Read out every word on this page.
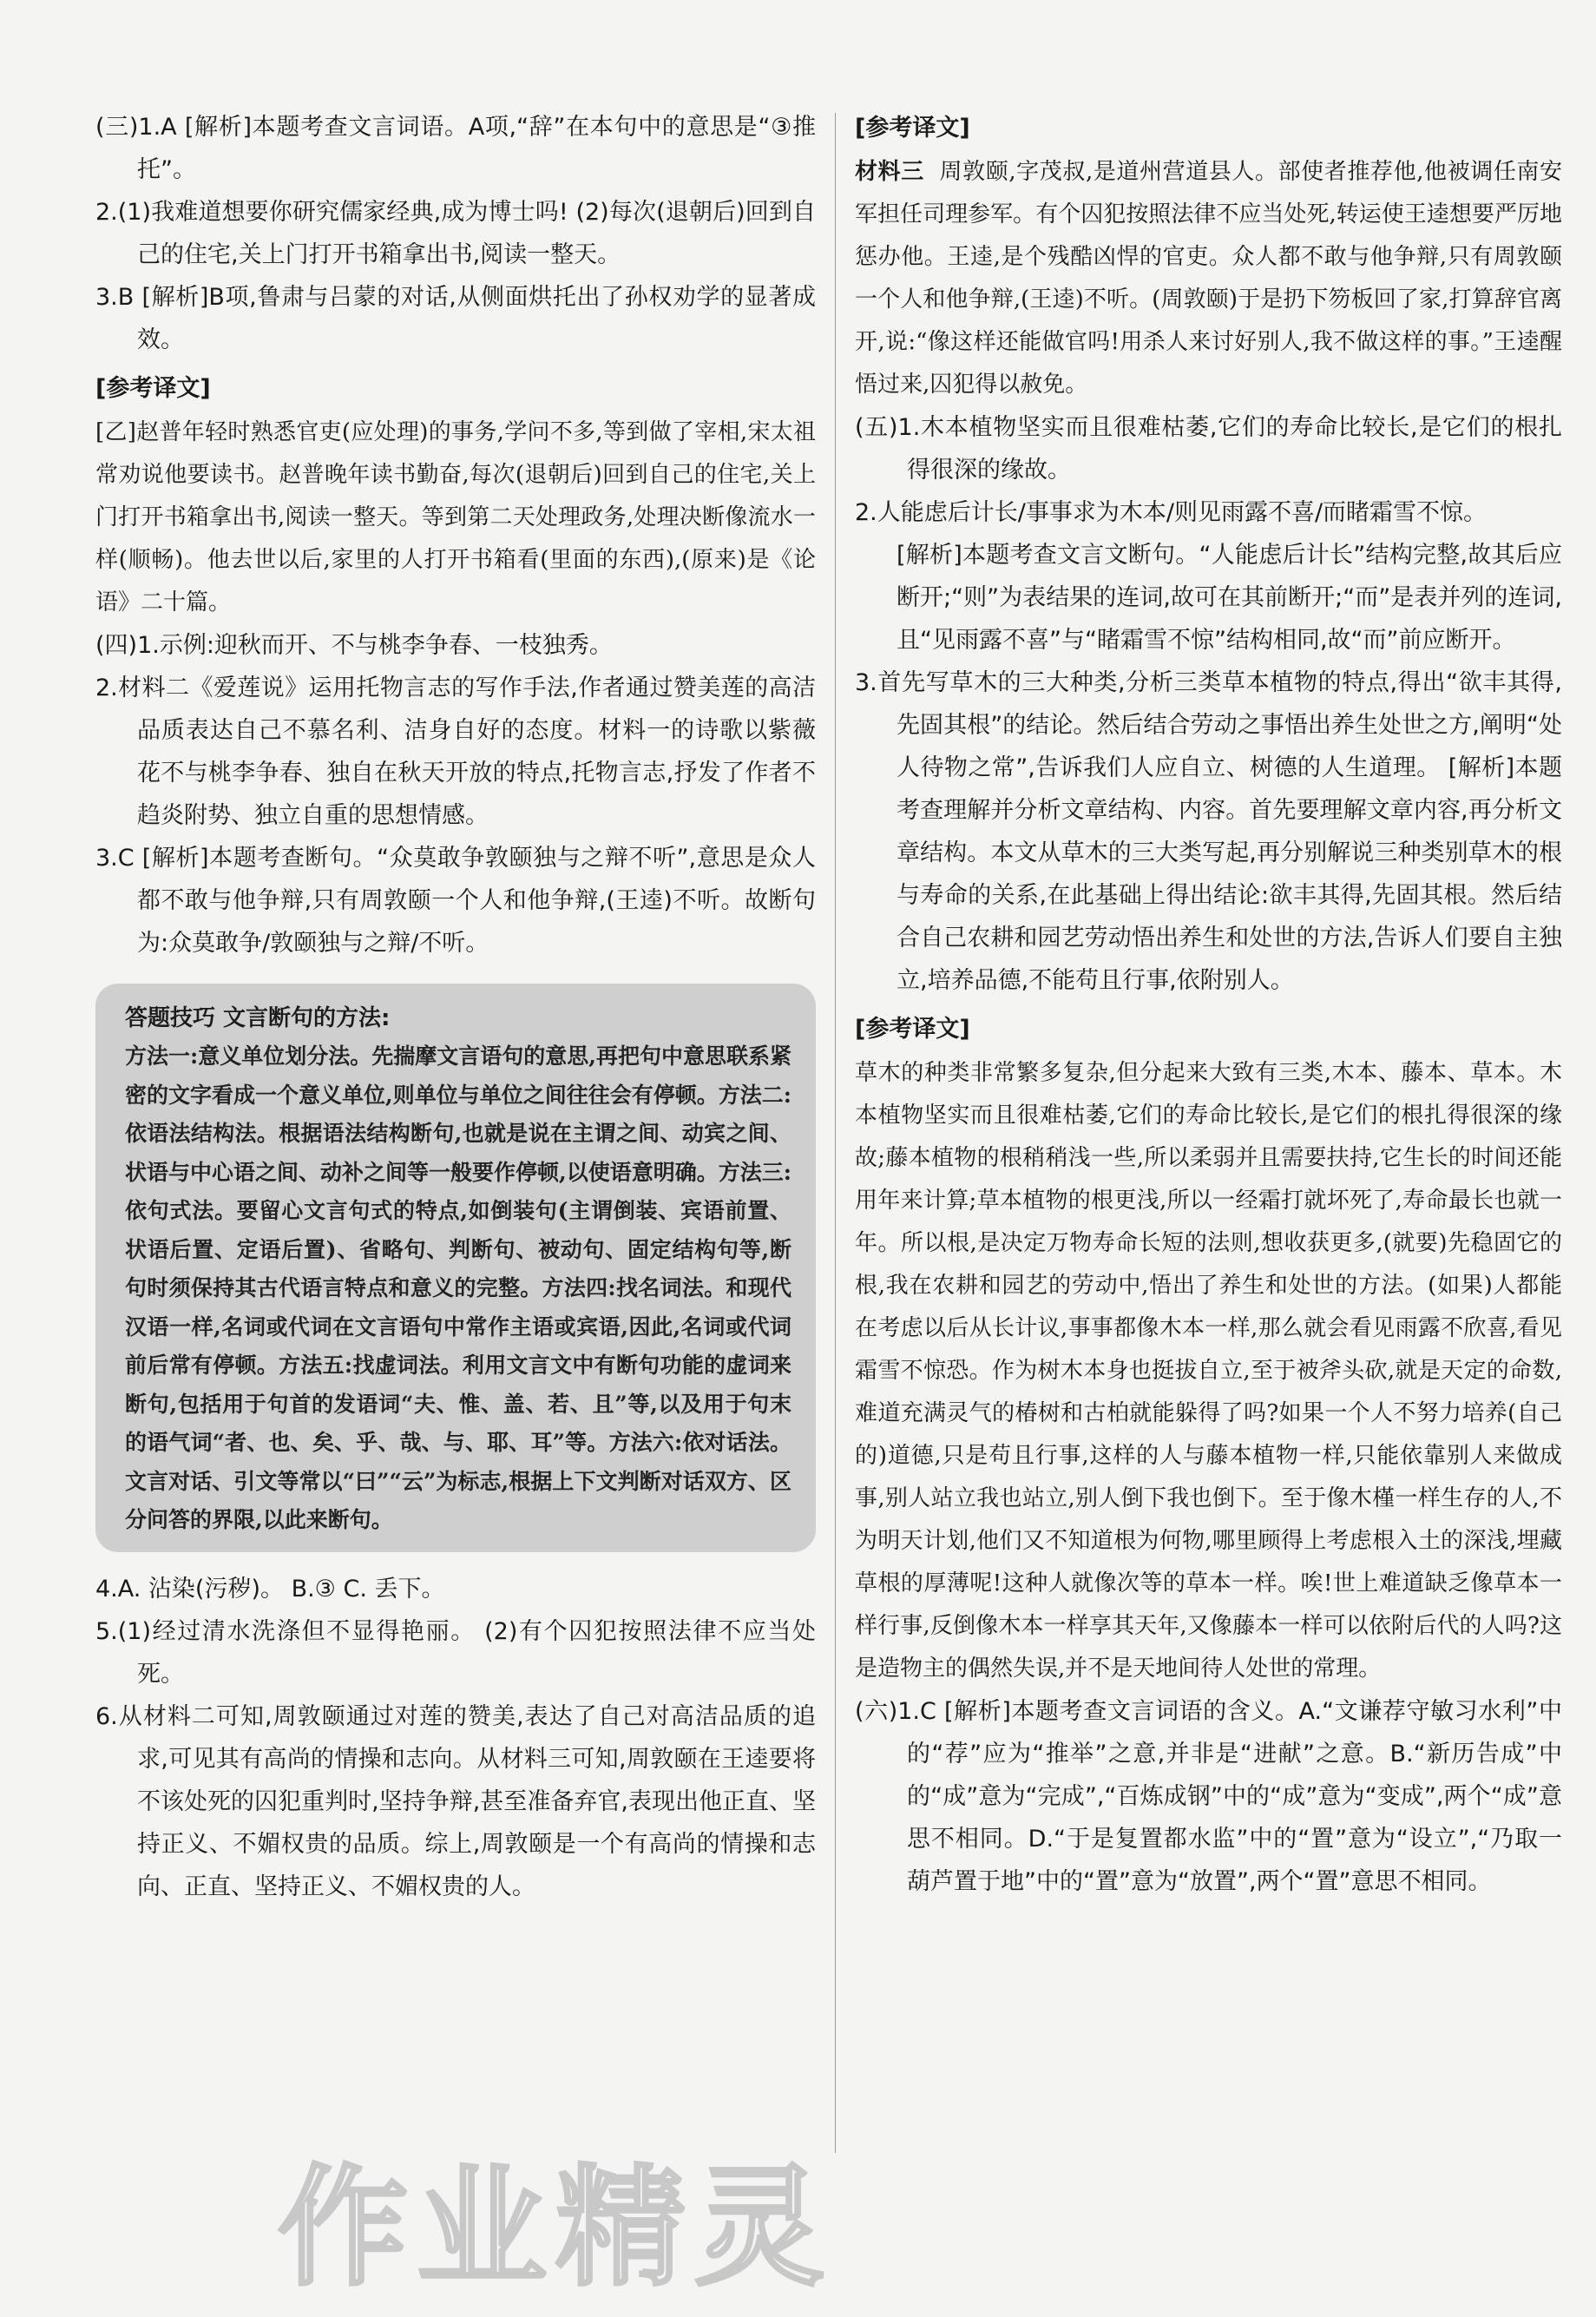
(三)1.A [解析]本题考查文言词语。A项,“辞”在本句中的意思是“③推托”。

2.(1)我难道想要你研究儒家经典,成为博士吗! (2)每次(退朝后)回到自己的住宅,关上门打开书箱拿出书,阅读一整天。

3.B [解析]B项,鲁肃与吕蒙的对话,从侧面烘托出了孙权劝学的显著成效。

[参考译文]

[乙]赵普年轻时熟悉官吏(应处理)的事务,学问不多,等到做了宰相,宋太祖常劝说他要读书。赵普晚年读书勤奋,每次(退朝后)回到自己的住宅,关上门打开书箱拿出书,阅读一整天。等到第二天处理政务,处理决断像流水一样(顺畅)。他去世以后,家里的人打开书箱看(里面的东西),(原来)是《论语》二十篇。

(四)1.示例:迎秋而开、不与桃李争春、一枝独秀。

2.材料二《爱莲说》运用托物言志的写作手法,作者通过赞美莲的高洁品质表达自己不慕名利、洁身自好的态度。材料一的诗歌以紫薇花不与桃李争春、独自在秋天开放的特点,托物言志,抒发了作者不趋炎附势、独立自重的思想情感。

3.C [解析]本题考查断句。“众莫敢争敦颐独与之辩不听”,意思是众人都不敢与他争辩,只有周敦颐一个人和他争辩,(王逵)不听。故断句为:众莫敢争/敦颐独与之辩/不听。

答题技巧 文言断句的方法:

方法一:意义单位划分法。先揣摩文言语句的意思,再把句中意思联系紧密的文字看成一个意义单位,则单位与单位之间往往会有停顿。方法二:依语法结构法。根据语法结构断句,也就是说在主谓之间、动宾之间、状语与中心语之间、动补之间等一般要作停顿,以使语意明确。方法三:依句式法。要留心文言句式的特点,如倒装句(主谓倒装、宾语前置、状语后置、定语后置)、省略句、判断句、被动句、固定结构句等,断句时须保持其古代语言特点和意义的完整。方法四:找名词法。和现代汉语一样,名词或代词在文言语句中常作主语或宾语,因此,名词或代词前后常有停顿。方法五:找虚词法。利用文言文中有断句功能的虚词来断句,包括用于句首的发语词“夫、惟、盖、若、且”等,以及用于句末的语气词“者、也、矣、乎、哉、与、耶、耳”等。方法六:依对话法。文言对话、引文等常以“曰”“云”为标志,根据上下文判断对话双方、区分问答的界限,以此来断句。

4.A. 沾染(污秽)。 B.③ C. 丢下。

5.(1)经过清水洗涤但不显得艳丽。 (2)有个囚犯按照法律不应当处死。

6.从材料二可知,周敦颐通过对莲的赞美,表达了自己对高洁品质的追求,可见其有高尚的情操和志向。从材料三可知,周敦颐在王逵要将不该处死的囚犯重判时,坚持争辩,甚至准备弃官,表现出他正直、坚持正义、不媚权贵的品质。综上,周敦颐是一个有高尚的情操和志向、正直、坚持正义、不媚权贵的人。

[参考译文]

材料三 周敦颐,字茂叔,是道州营道县人。部使者推荐他,他被调任南安军担任司理参军。有个囚犯按照法律不应当处死,转运使王逵想要严厉地惩办他。王逵,是个残酷凶悍的官吏。众人都不敢与他争辩,只有周敦颐一个人和他争辩,(王逵)不听。(周敦颐)于是扔下笏板回了家,打算辞官离开,说:“像这样还能做官吗!用杀人来讨好别人,我不做这样的事。”王逵醒悟过来,囚犯得以赦免。

(五)1.木本植物坚实而且很难枯萎,它们的寿命比较长,是它们的根扎得很深的缘故。

2.人能虑后计长/事事求为木本/则见雨露不喜/而睹霜雪不惊。

[解析]本题考查文言文断句。“人能虑后计长”结构完整,故其后应断开;“则”为表结果的连词,故可在其前断开;“而”是表并列的连词,且“见雨露不喜”与“睹霜雪不惊”结构相同,故“而”前应断开。

3.首先写草木的三大种类,分析三类草本植物的特点,得出“欲丰其得,先固其根”的结论。然后结合劳动之事悟出养生处世之方,阐明“处人待物之常”,告诉我们人应自立、树德的人生道理。 [解析]本题考查理解并分析文章结构、内容。首先要理解文章内容,再分析文章结构。本文从草木的三大类写起,再分别解说三种类别草木的根与寿命的关系,在此基础上得出结论:欲丰其得,先固其根。然后结合自己农耕和园艺劳动悟出养生和处世的方法,告诉人们要自主独立,培养品德,不能苟且行事,依附别人。

[参考译文]

草木的种类非常繁多复杂,但分起来大致有三类,木本、藤本、草本。木本植物坚实而且很难枯萎,它们的寿命比较长,是它们的根扎得很深的缘故;藤本植物的根稍稍浅一些,所以柔弱并且需要扶持,它生长的时间还能用年来计算;草本植物的根更浅,所以一经霜打就坏死了,寿命最长也就一年。所以根,是决定万物寿命长短的法则,想收获更多,(就要)先稳固它的根,我在农耕和园艺的劳动中,悟出了养生和处世的方法。(如果)人都能在考虑以后从长计议,事事都像木本一样,那么就会看见雨露不欣喜,看见霜雪不惊恐。作为树木本身也挺拔自立,至于被斧头砍,就是天定的命数,难道充满灵气的椿树和古柏就能躲得了吗?如果一个人不努力培养(自己的)道德,只是苟且行事,这样的人与藤本植物一样,只能依靠别人来做成事,别人站立我也站立,别人倒下我也倒下。至于像木槿一样生存的人,不为明天计划,他们又不知道根为何物,哪里顾得上考虑根入土的深浅,埋藏草根的厚薄呢!这种人就像次等的草本一样。唉!世上难道缺乏像草本一样行事,反倒像木本一样享其天年,又像藤本一样可以依附后代的人吗?这是造物主的偶然失误,并不是天地间待人处世的常理。

(六)1.C [解析]本题考查文言词语的含义。A.“文谦荐守敏习水利”中的“荐”应为“推举”之意,并非是“进献”之意。B.“新历告成”中的“成”意为“完成”,“百炼成钢”中的“成”意为“变成”,两个“成”意思不相同。D.“于是复置都水监”中的“置”意为“设立”,“乃取一葫芦置于地”中的“置”意为“放置”,两个“置”意思不相同。

作业精灵
